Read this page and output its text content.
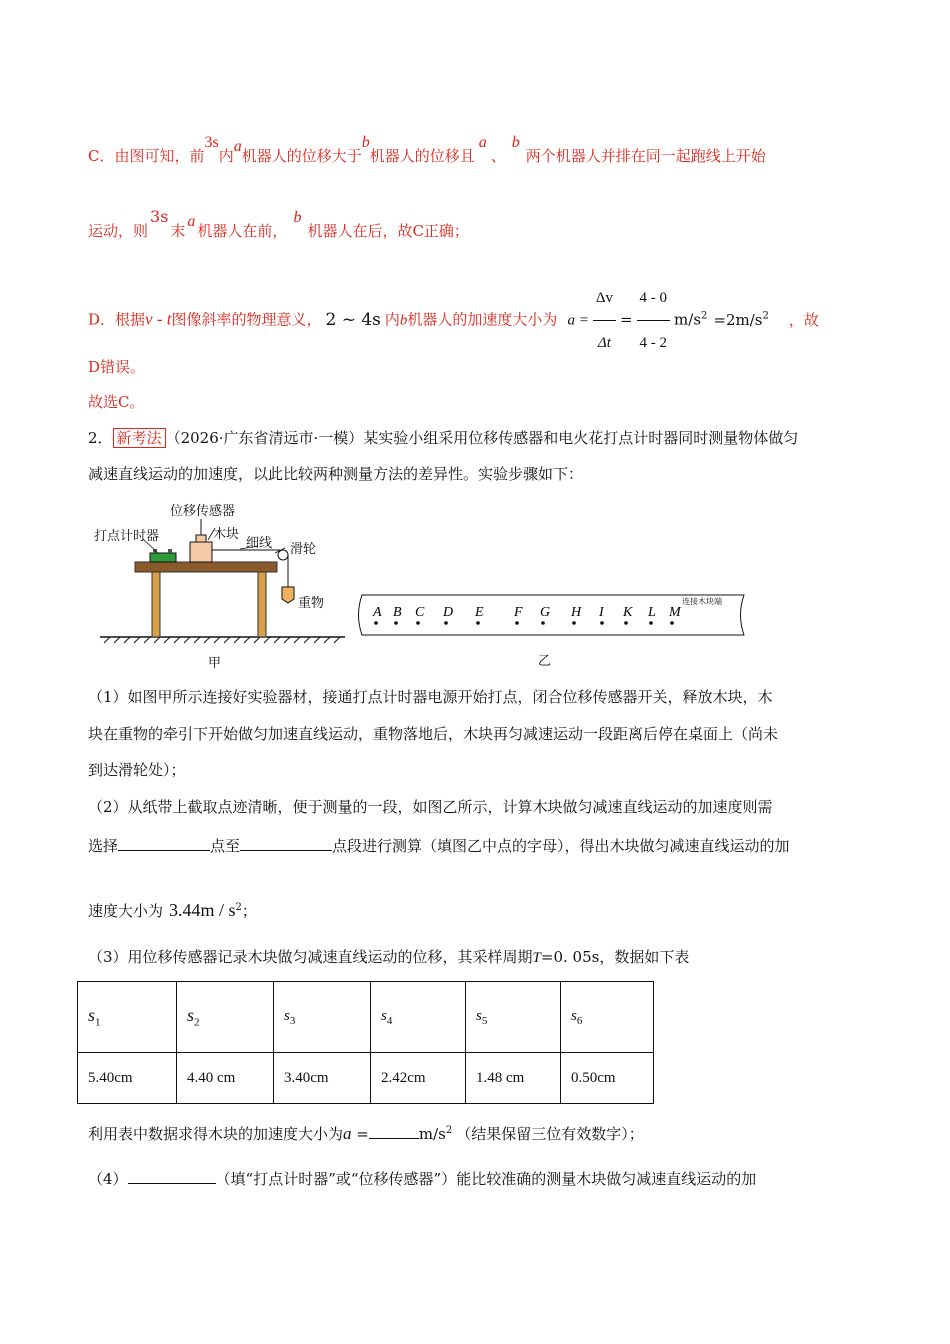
C．由图可知，前3s内a机器人的位移大于b机器人的位移且a、b两个机器人并排在同一起跑线上开始
运动，则3s末a机器人在前，b机器人在后，故C正确；
D．根据v - t图像斜率的物理意义， 2 ~ 4s 内b机器人的加速度大小为 $a = \frac{\Delta v}{\Delta t} = \frac{4 - 0}{4 - 2} m/s^2 =2m/s^2$ ，故
D错误。
故选C。
2． 新考法 （2026·广东省清远市·一模）某实验小组采用位移传感器和电火花打点计时器同时测量物体做匀
减速直线运动的加速度，以此比较两种测量方法的差异性。实验步骤如下：
位移传感器
木块
打点计时器	细线 滑轮
重物
甲
A B C D E F G H I K L M
连接木块端
乙
（1）如图甲所示连接好实验器材，接通打点计时器电源开始打点，闭合位移传感器开关，释放木块，木
块在重物的牵引下开始做匀加速直线运动，重物落地后，木块再匀减速运动一段距离后停在桌面上（尚未
到达滑轮处）；
（2）从纸带上截取点迹清晰，便于测量的一段，如图乙所示，计算木块做匀减速直线运动的加速度则需
选择	点至	点段进行测算（填图乙中点的字母），得出木块做匀减速直线运动的加
速度大小为 $3.44m / s^2$；
（3）用位移传感器记录木块做匀减速直线运动的位移，其采样周期T=0. 05s，数据如下表
$s_1$	$s_2$	$s_3$	$s_4$	$s_5$	$s_6$
5.40cm	4.40 cm	3.40cm	2.42cm	1.48 cm	0.50cm
利用表中数据求得木块的加速度大小为a =	$m/s^2$ （结果保留三位有效数字）；
（4）	（填“打点计时器”或“位移传感器”）能比较准确的测量木块做匀减速直线运动的加
